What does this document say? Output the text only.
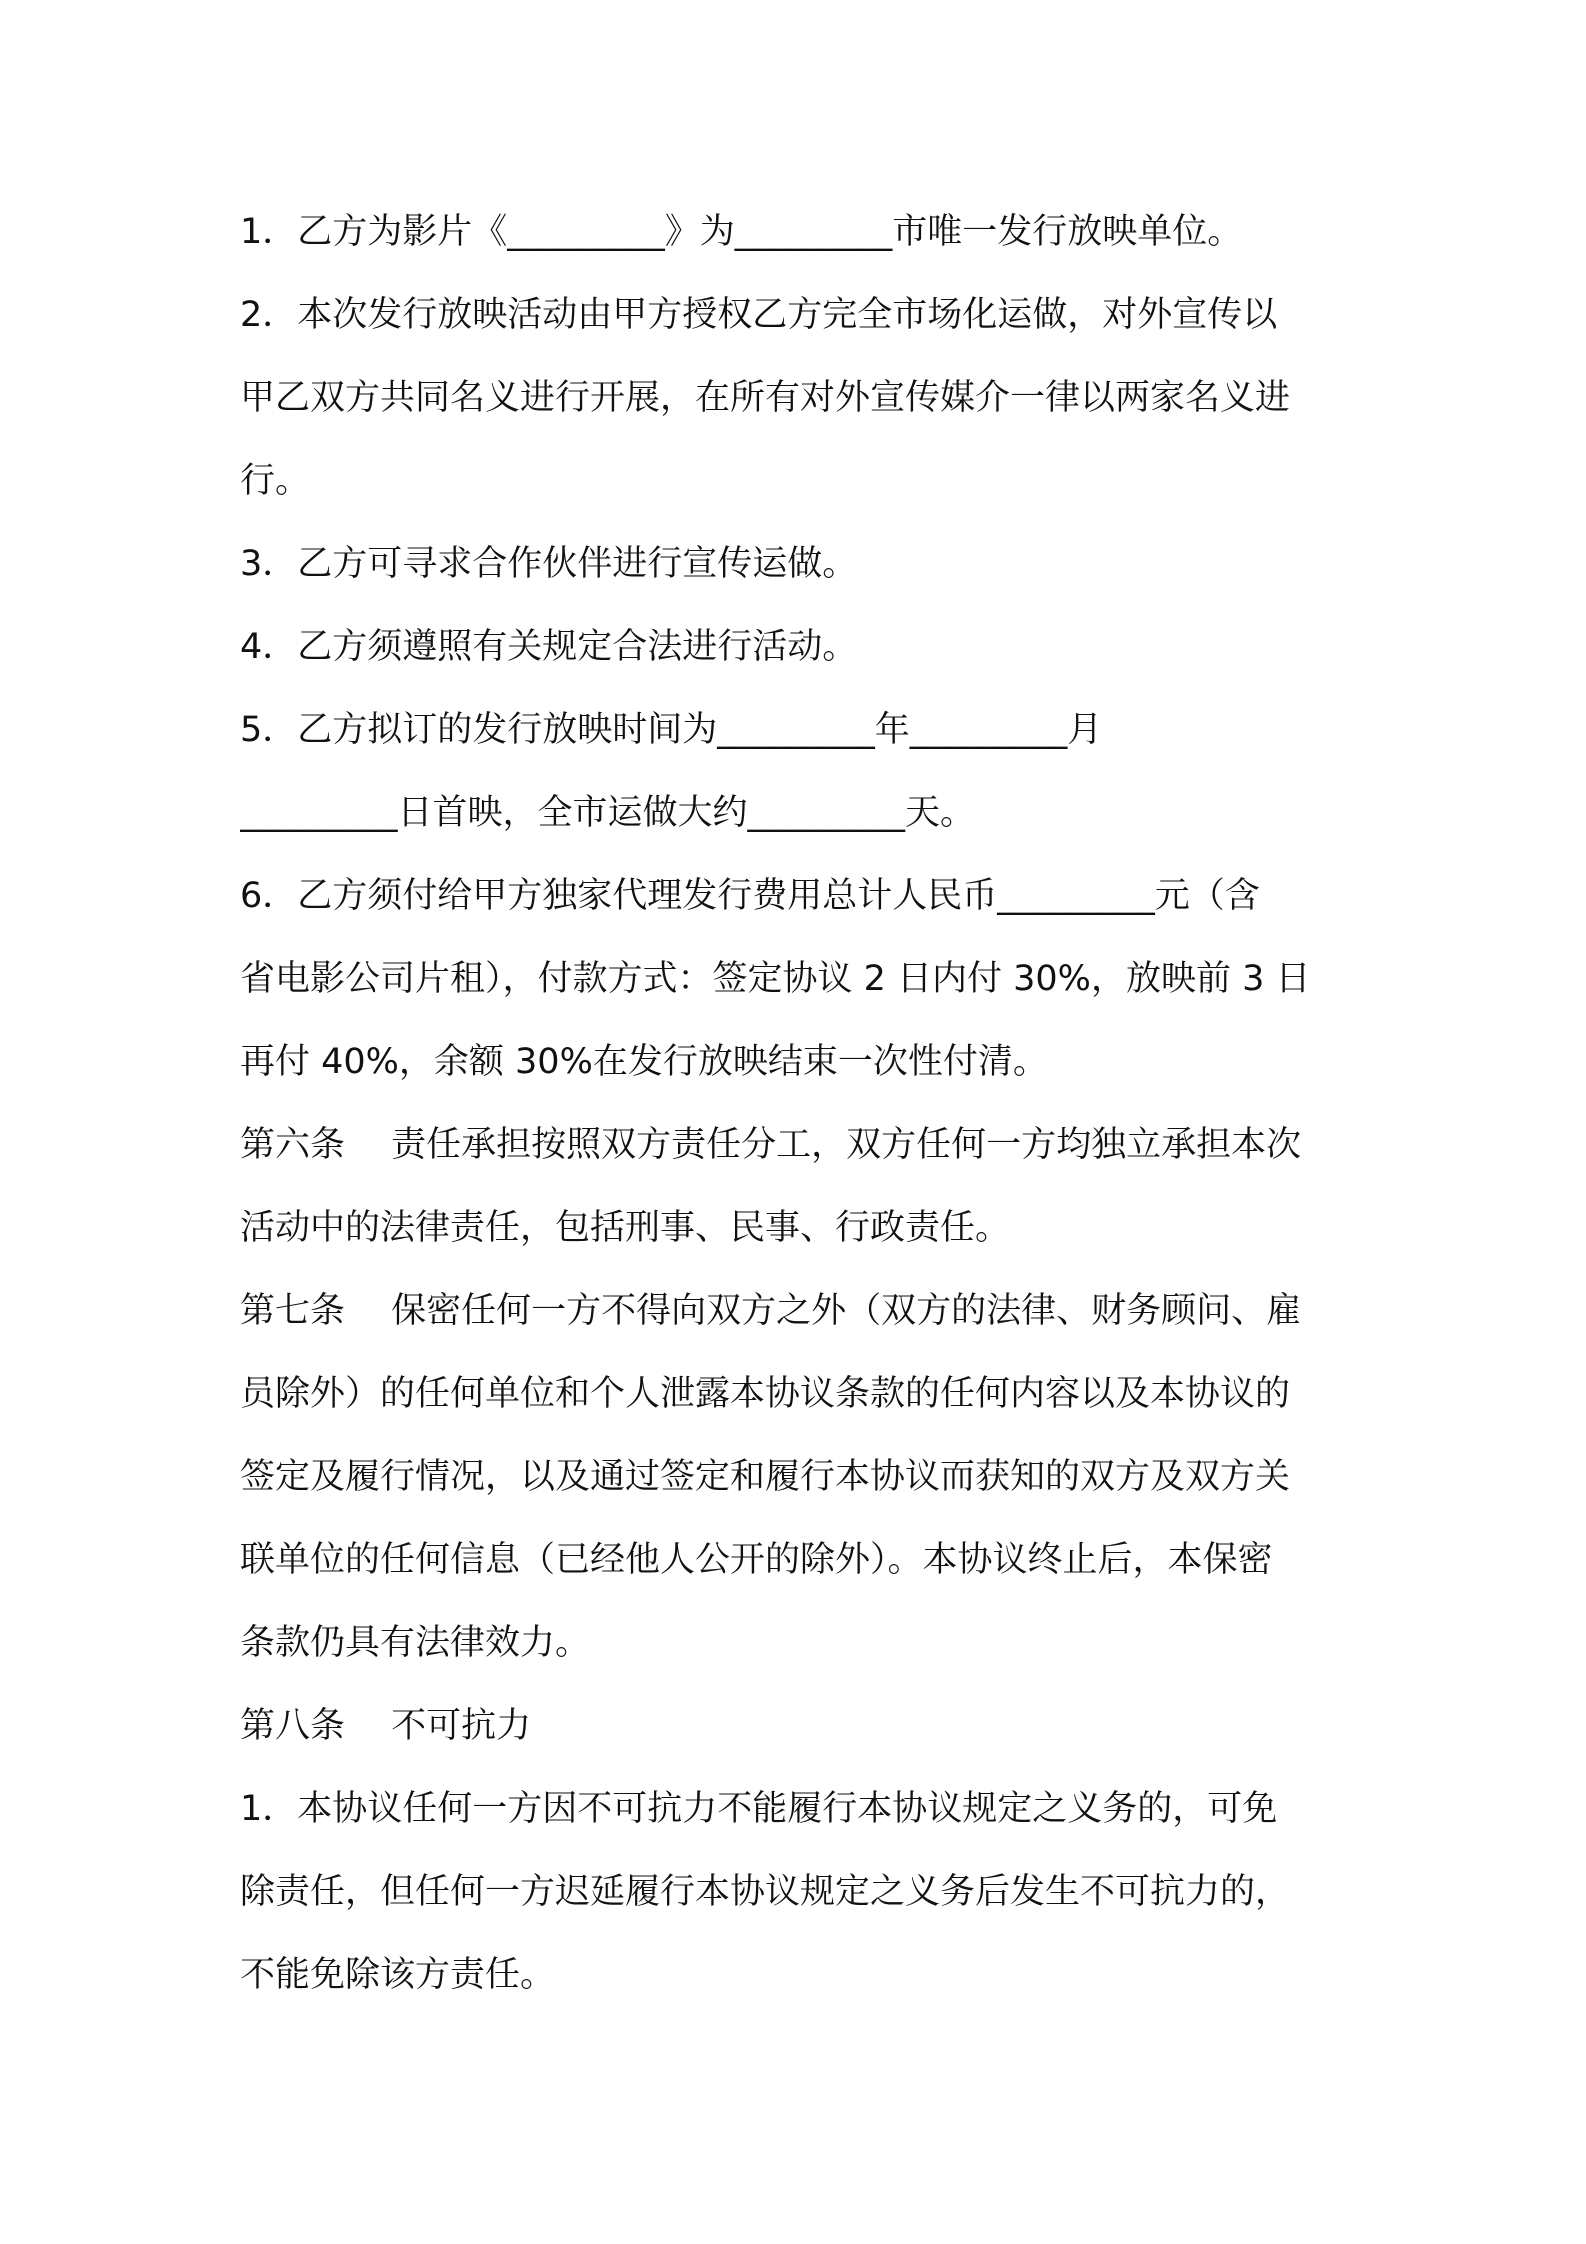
1．乙方为影片《_________》为_________市唯一发行放映单位。
2．本次发行放映活动由甲方授权乙方完全市场化运做，对外宣传以
甲乙双方共同名义进行开展，在所有对外宣传媒介一律以两家名义进
行。
3．乙方可寻求合作伙伴进行宣传运做。
4．乙方须遵照有关规定合法进行活动。
5．乙方拟订的发行放映时间为_________年_________月
_________日首映，全市运做大约_________天。
6．乙方须付给甲方独家代理发行费用总计人民币_________元（含
省电影公司片租），付款方式：签定协议 2 日内付 30%，放映前 3 日
再付 40%，余额 30%在发行放映结束一次性付清。
第六条　 责任承担按照双方责任分工，双方任何一方均独立承担本次
活动中的法律责任，包括刑事、民事、行政责任。
第七条　 保密任何一方不得向双方之外（双方的法律、财务顾问、雇
员除外）的任何单位和个人泄露本协议条款的任何内容以及本协议的
签定及履行情况，以及通过签定和履行本协议而获知的双方及双方关
联单位的任何信息（已经他人公开的除外）。本协议终止后，本保密
条款仍具有法律效力。
第八条　 不可抗力
1．本协议任何一方因不可抗力不能履行本协议规定之义务的，可免
除责任，但任何一方迟延履行本协议规定之义务后发生不可抗力的，
不能免除该方责任。
